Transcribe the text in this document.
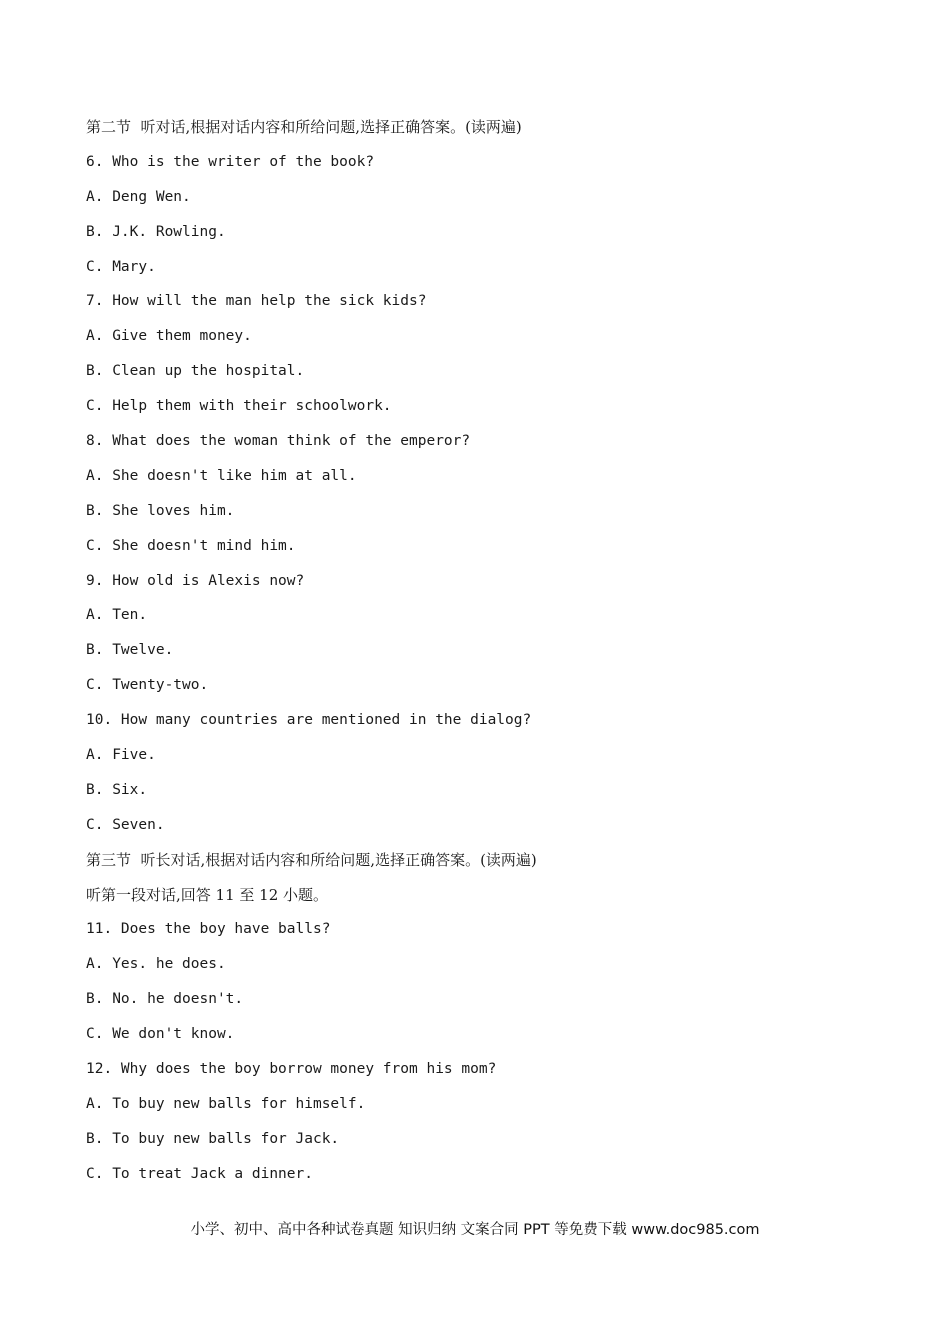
第二节  听对话,根据对话内容和所给问题,选择正确答案。(读两遍)
6. Who is the writer of the book?
A. Deng Wen.
B. J.K. Rowling.
C. Mary.
7. How will the man help the sick kids?
A. Give them money.
B. Clean up the hospital.
C. Help them with their schoolwork.
8. What does the woman think of the emperor?
A. She doesn't like him at all.
B. She loves him.
C. She doesn't mind him.
9. How old is Alexis now?
A. Ten.
B. Twelve.
C. Twenty-two.
10. How many countries are mentioned in the dialog?
A. Five.
B. Six.
C. Seven.
第三节  听长对话,根据对话内容和所给问题,选择正确答案。(读两遍)
听第一段对话,回答 11 至 12 小题。
11. Does the boy have balls?
A. Yes. he does.
B. No. he doesn't.
C. We don't know.
12. Why does the boy borrow money from his mom?
A. To buy new balls for himself.
B. To buy new balls for Jack.
C. To treat Jack a dinner.
小学、初中、高中各种试卷真题 知识归纳 文案合同 PPT 等免费下载 www.doc985.com
